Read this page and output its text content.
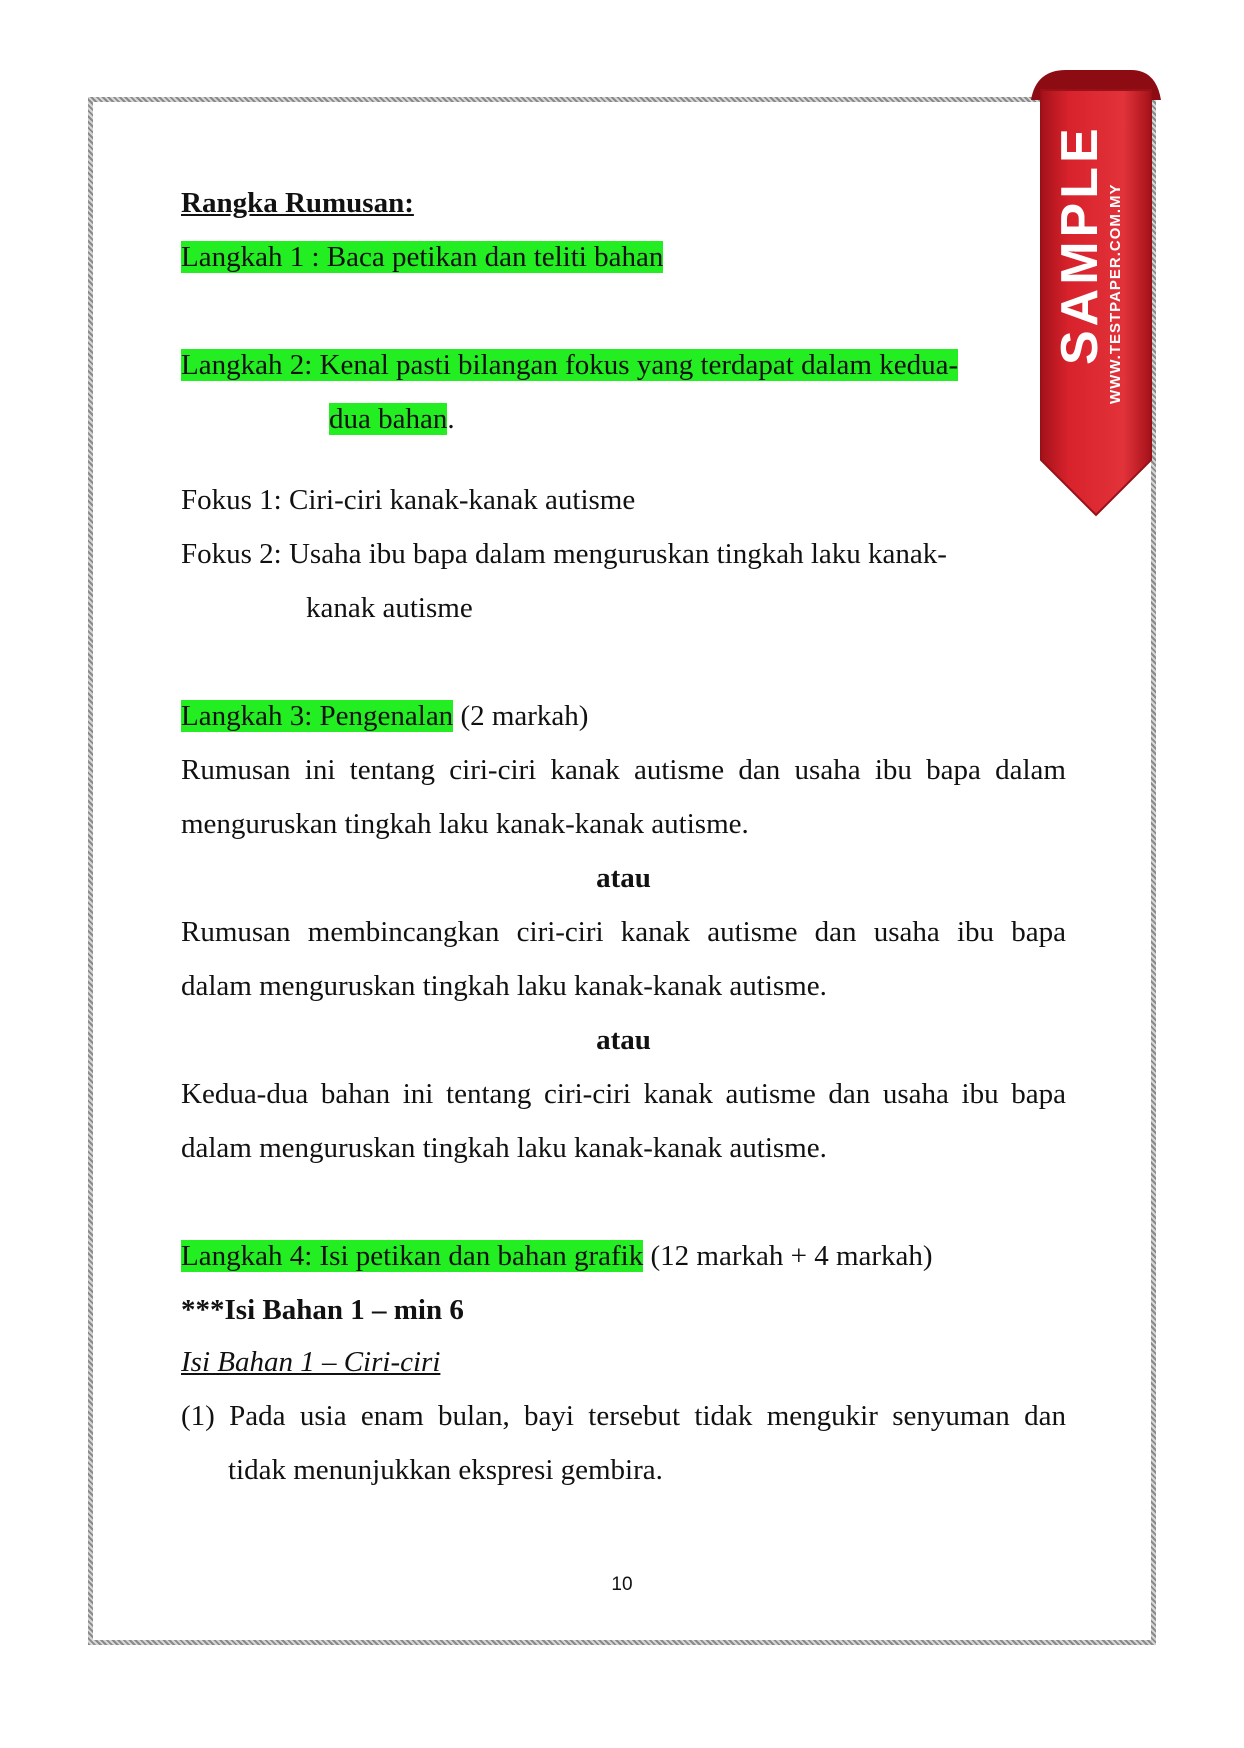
Rangka Rumusan:
Langkah 1 : Baca petikan dan teliti bahan
Langkah 2: Kenal pasti bilangan fokus yang terdapat dalam kedua-
dua bahan.
Fokus 1: Ciri-ciri kanak-kanak autisme
Fokus 2: Usaha ibu bapa dalam menguruskan tingkah laku kanak-
kanak autisme
Langkah 3: Pengenalan (2 markah)
Rumusan ini tentang ciri-ciri kanak autisme dan usaha ibu bapa dalam
menguruskan tingkah laku kanak-kanak autisme.
atau
Rumusan membincangkan ciri-ciri kanak autisme dan usaha ibu bapa
dalam menguruskan tingkah laku kanak-kanak autisme.
atau
Kedua-dua bahan ini tentang ciri-ciri kanak autisme dan usaha ibu bapa
dalam menguruskan tingkah laku kanak-kanak autisme.
Langkah 4: Isi petikan dan bahan grafik (12 markah + 4 markah)
***Isi Bahan 1 – min 6
Isi Bahan 1 – Ciri-ciri
(1) Pada usia enam bulan, bayi tersebut tidak mengukir senyuman dan
tidak menunjukkan ekspresi gembira.
10
SAMPLE
WWW.TESTPAPER.COM.MY
